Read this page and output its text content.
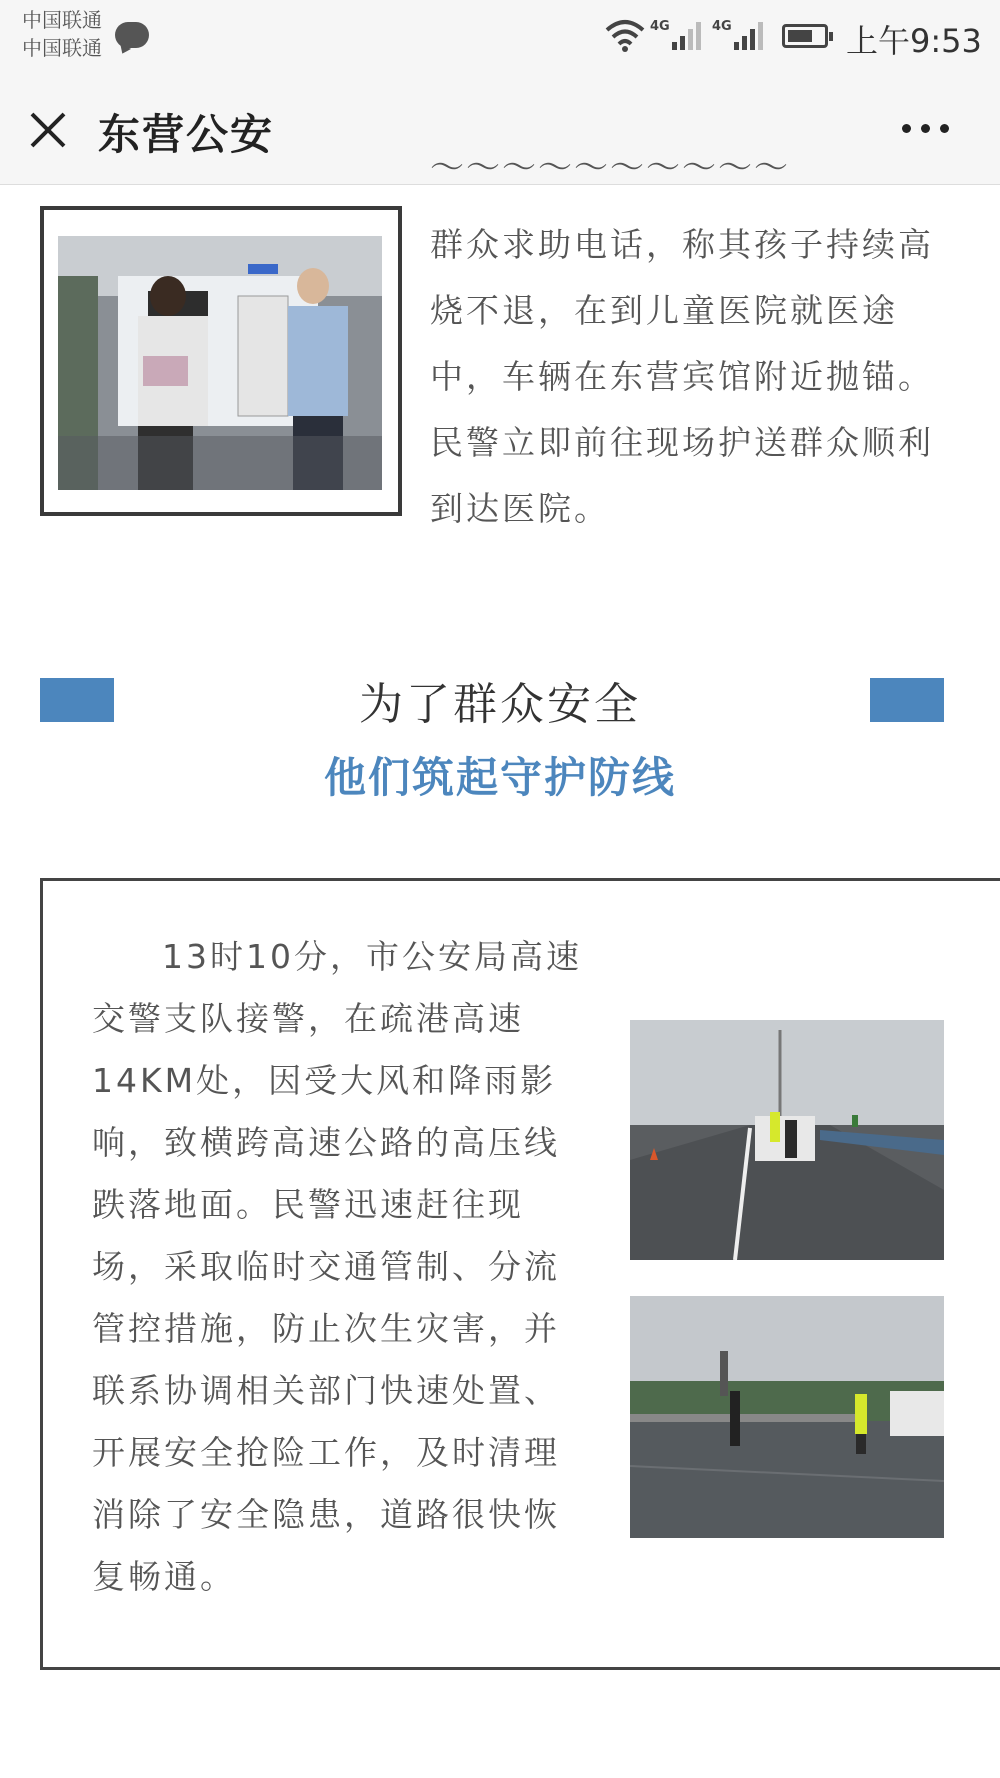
中国联通
中国联通
4G	4G	上午9:53
东营公安
～～～～～～～～～～
群众求助电话，称其孩子持续高烧不退，在到儿童医院就医途中，车辆在东营宾馆附近抛锚。民警立即前往现场护送群众顺利到达医院。
为了群众安全
他们筑起守护防线
13时10分，市公安局高速交警支队接警，在疏港高速14KM处，因受大风和降雨影响，致横跨高速公路的高压线跌落地面。民警迅速赶往现场，采取临时交通管制、分流管控措施，防止次生灾害，并联系协调相关部门快速处置、开展安全抢险工作，及时清理消除了安全隐患，道路很快恢复畅通。
